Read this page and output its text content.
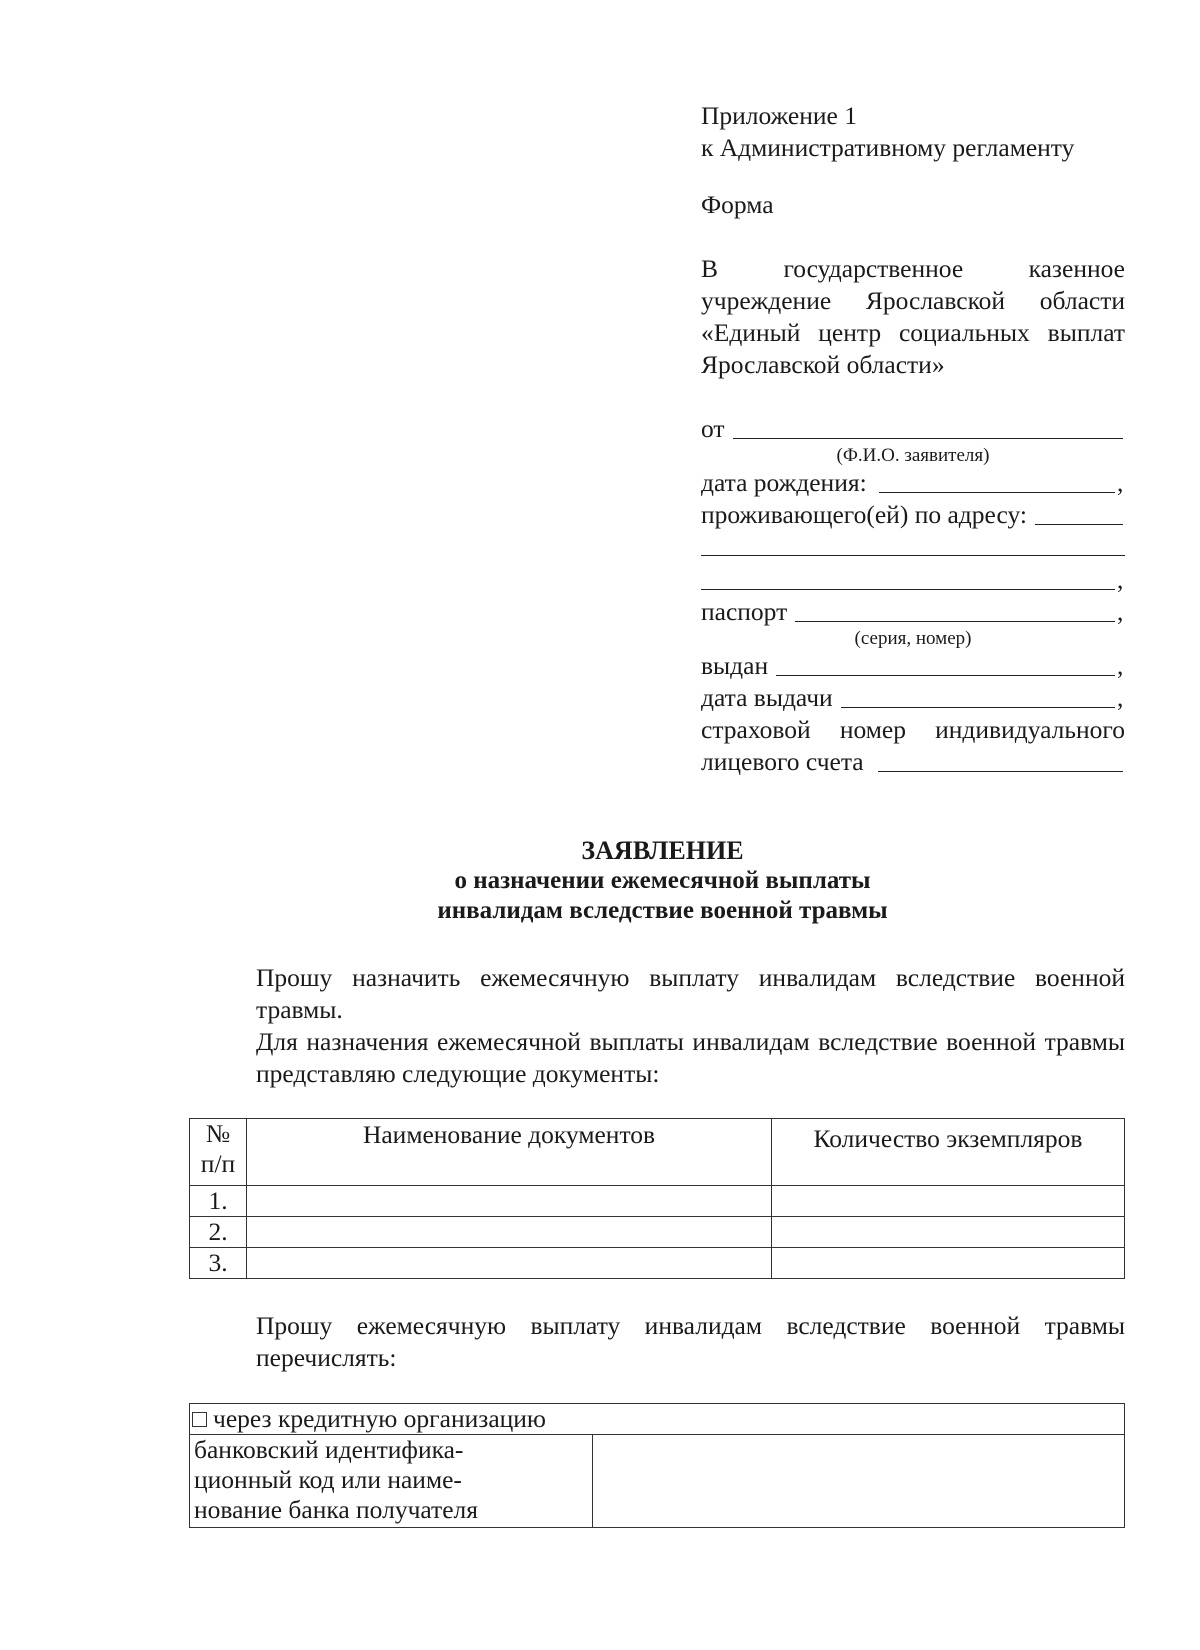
Приложение 1
к Административному регламенту
Форма
В государственное казенное
учреждение Ярославской области
«Единый центр социальных выплат
Ярославской области»
от
(Ф.И.О. заявителя)
дата рождения:	,
проживающего(ей) по адресу:
,
паспорт	,
(серия, номер)
выдан	,
дата выдачи	,
страховой номер индивидуального
лицевого счета
ЗАЯВЛЕНИЕ
о назначении ежемесячной выплаты
инвалидам вследствие военной травмы
Прошу назначить ежемесячную выплату инвалидам вследствие военной травмы.
Для назначения ежемесячной выплаты инвалидам вследствие военной травмы представляю следующие документы:
№
п/п	Наименование документов	Количество экземпляров
1.		
2.		
3.		
Прошу ежемесячную выплату инвалидам вследствие военной травмы перечислять:
через кредитную организацию

банковский идентифика-
ционный код или наиме-
нование банка получателя
